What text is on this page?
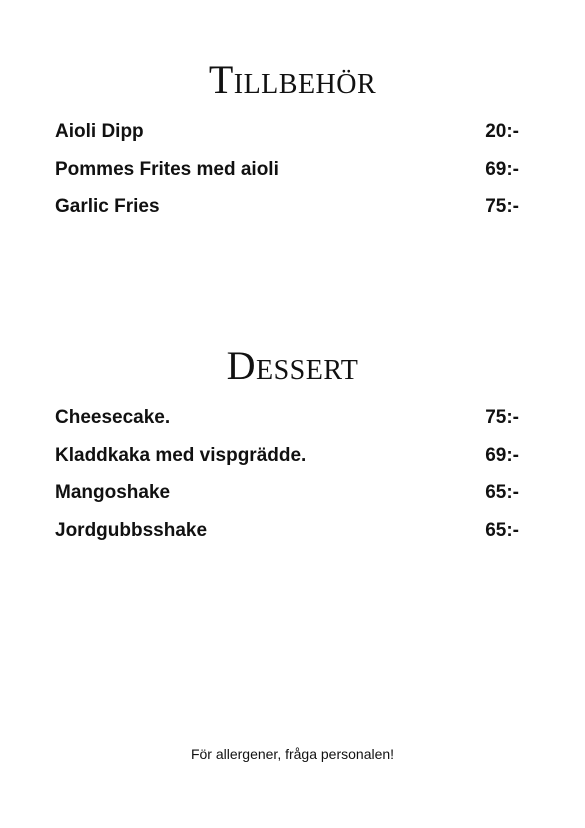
Tillbehör
Aioli Dipp	20:-
Pommes Frites med aioli	69:-
Garlic Fries	75:-
Dessert
Cheesecake.	75:-
Kladdkaka med vispgrädde.	69:-
Mangoshake	65:-
Jordgubbsshake	65:-
För allergener, fråga personalen!
